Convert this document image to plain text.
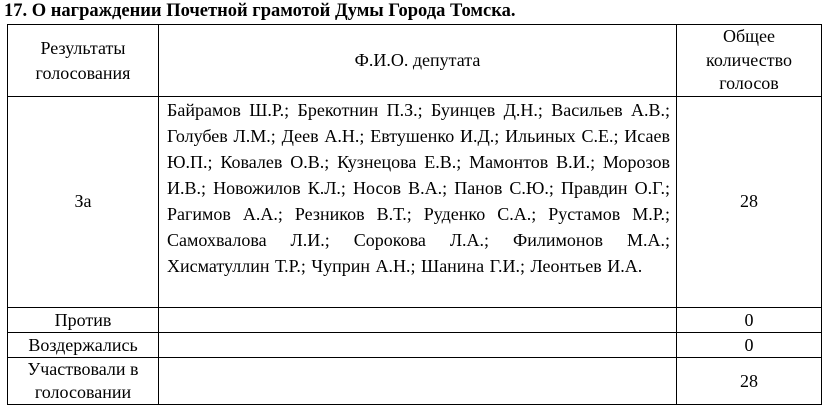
17. О награждении Почетной грамотой Думы Города Томска.
Результаты голосования	Ф.И.О. депутата	Общее количество голосов
За	Байрамов Ш.Р.; Брекотнин П.З.; Буинцев Д.Н.; Васильев А.В.; Голубев Л.М.; Деев А.Н.; Евтушенко И.Д.; Ильиных С.Е.; Исаев Ю.П.; Ковалев О.В.; Кузнецова Е.В.; Мамонтов В.И.; Морозов И.В.; Новожилов К.Л.; Носов В.А.; Панов С.Ю.; Правдин О.Г.; Рагимов А.А.; Резников В.Т.; Руденко С.А.; Рустамов М.Р.; Самохвалова Л.И.; Сорокова Л.А.; Филимонов М.А.; Хисматуллин Т.Р.; Чуприн А.Н.; Шанина Г.И.; Леонтьев И.А.	28
Против		0
Воздержались		0
Участвовали в голосовании		28
